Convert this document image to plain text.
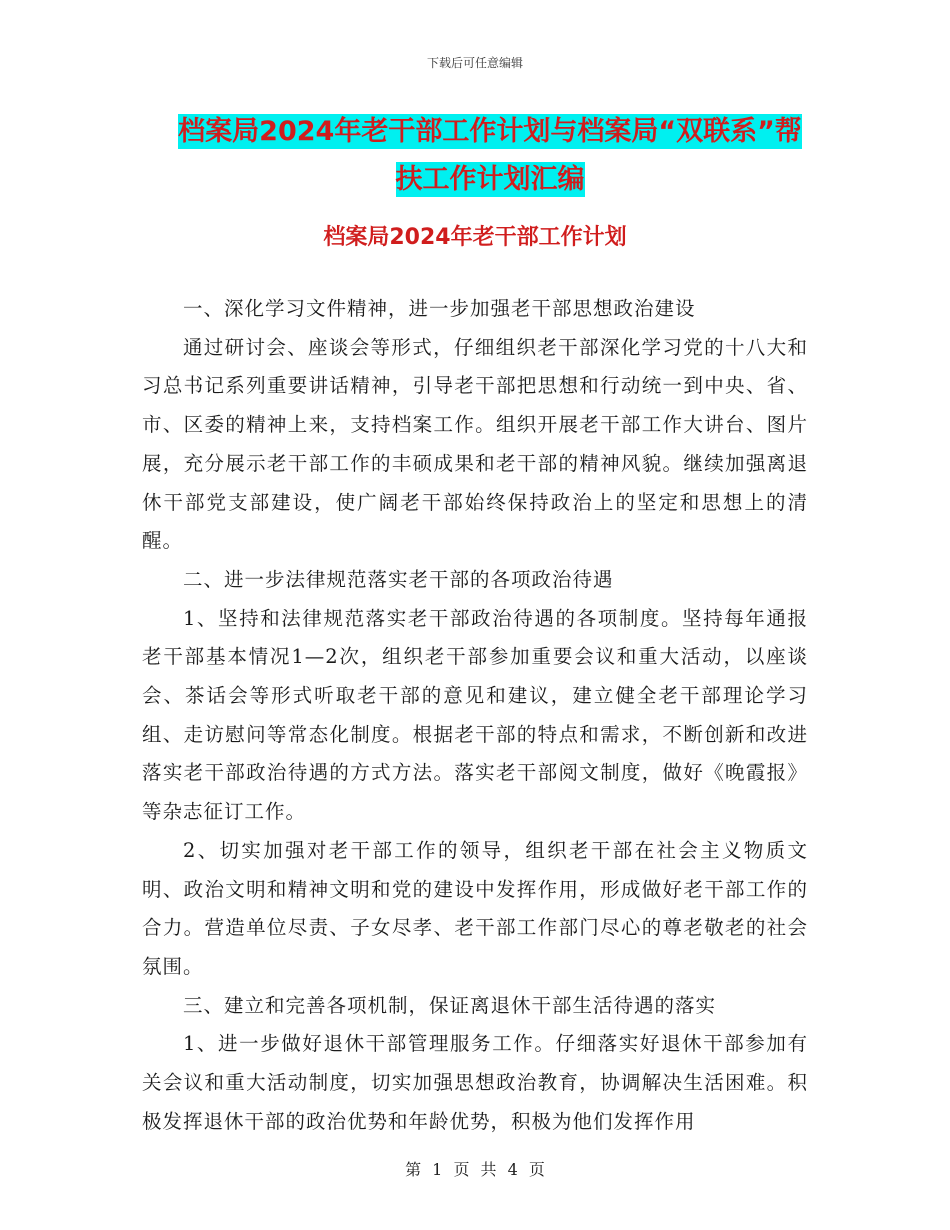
下载后可任意编辑
档案局2024年老干部工作计划与档案局“双联系”帮
扶工作计划汇编
档案局2024年老干部工作计划

一、深化学习文件精神，进一步加强老干部思想政治建设

通过研讨会、座谈会等形式，仔细组织老干部深化学习党的十八大和习总书记系列重要讲话精神，引导老干部把思想和行动统一到中央、省、市、区委的精神上来，支持档案工作。组织开展老干部工作大讲台、图片展，充分展示老干部工作的丰硕成果和老干部的精神风貌。继续加强离退休干部党支部建设，使广阔老干部始终保持政治上的坚定和思想上的清醒。

二、进一步法律规范落实老干部的各项政治待遇

1、坚持和法律规范落实老干部政治待遇的各项制度。坚持每年通报老干部基本情况1—2次，组织老干部参加重要会议和重大活动，以座谈会、茶话会等形式听取老干部的意见和建议，建立健全老干部理论学习组、走访慰问等常态化制度。根据老干部的特点和需求，不断创新和改进落实老干部政治待遇的方式方法。落实老干部阅文制度，做好《晚霞报》等杂志征订工作。

2、切实加强对老干部工作的领导，组织老干部在社会主义物质文明、政治文明和精神文明和党的建设中发挥作用，形成做好老干部工作的合力。营造单位尽责、子女尽孝、老干部工作部门尽心的尊老敬老的社会氛围。

三、建立和完善各项机制，保证离退休干部生活待遇的落实

1、进一步做好退休干部管理服务工作。仔细落实好退休干部参加有关会议和重大活动制度，切实加强思想政治教育，协调解决生活困难。积极发挥退休干部的政治优势和年龄优势，积极为他们发挥作用

第 1 页 共 4 页
